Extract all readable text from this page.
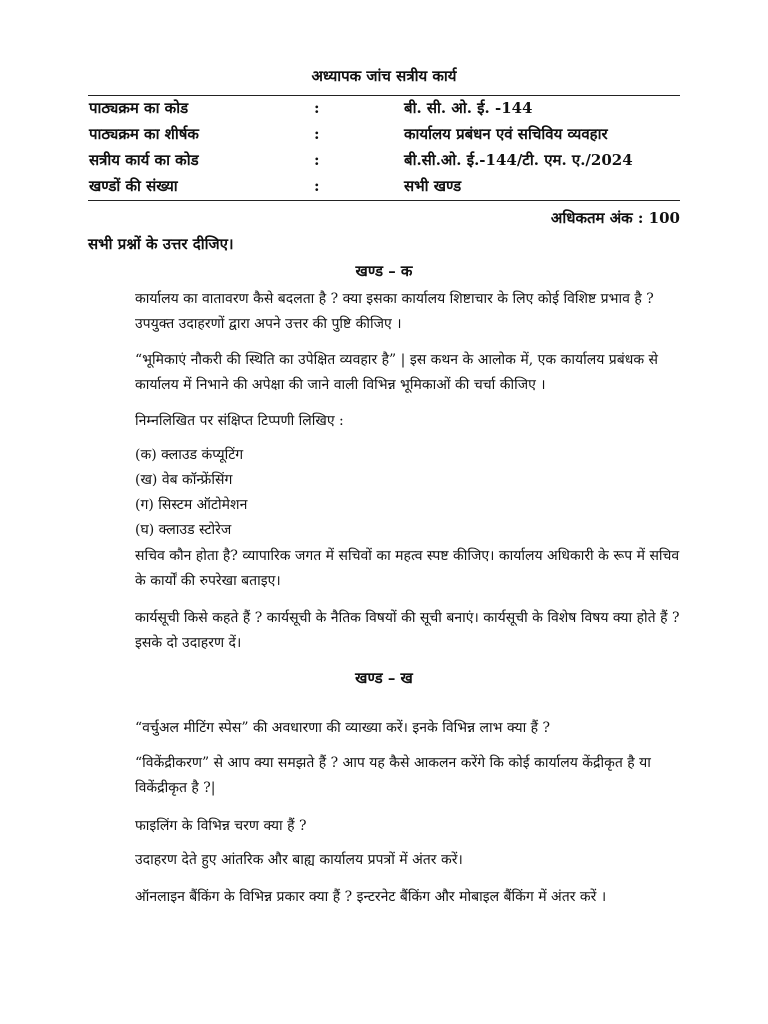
अध्यापक जांच सत्रीय कार्य
पाठ्यक्रम का कोड	:	बी. सी. ओ. ई. -144
पाठ्यक्रम का शीर्षक	:	कार्यालय प्रबंधन एवं सचिविय व्यवहार
सत्रीय कार्य का कोड	:	बी.सी.ओ. ई.-144/टी. एम. ए./2024
खण्डों की संख्या	:	सभी खण्ड
अधिकतम अंक : 100
सभी प्रश्नों के उत्तर दीजिए।
खण्ड – क
कार्यालय का वातावरण कैसे बदलता है ? क्या इसका कार्यालय शिष्टाचार के लिए कोई विशिष्ट प्रभाव है ? उपयुक्त उदाहरणों द्वारा अपने उत्तर की पुष्टि कीजिए ।
“भूमिकाएं नौकरी की स्थिति का उपेक्षित व्यवहार है” | इस कथन के आलोक में, एक कार्यालय प्रबंधक से कार्यालय में निभाने की अपेक्षा की जाने वाली विभिन्न भूमिकाओं की चर्चा कीजिए ।
निम्नलिखित पर संक्षिप्त टिप्पणी लिखिए :
(क) क्लाउड कंप्यूटिंग
(ख) वेब कॉन्फ्रेंसिंग
(ग) सिस्टम ऑटोमेशन
(घ) क्लाउड स्टोरेज
सचिव कौन होता है? व्यापारिक जगत में सचिवों का महत्व स्पष्ट कीजिए। कार्यालय अधिकारी के रूप में सचिव के कार्यों की रुपरेखा बताइए।
कार्यसूची किसे कहते हैं ? कार्यसूची के नैतिक विषयों की सूची बनाएं। कार्यसूची के विशेष विषय क्या होते हैं ? इसके दो उदाहरण दें।
खण्ड – ख
“वर्चुअल मीटिंग स्पेस” की अवधारणा की व्याख्या करें। इनके विभिन्न लाभ क्या हैं ?
“विकेंद्रीकरण” से आप क्या समझते हैं ? आप यह कैसे आकलन करेंगे कि कोई कार्यालय केंद्रीकृत है या विकेंद्रीकृत है ?|
फाइलिंग के विभिन्न चरण क्या हैं ?
उदाहरण देते हुए आंतरिक और बाह्य कार्यालय प्रपत्रों में अंतर करें।
ऑनलाइन बैंकिंग के विभिन्न प्रकार क्या हैं ? इन्टरनेट बैंकिंग और मोबाइल बैंकिंग में अंतर करें ।
